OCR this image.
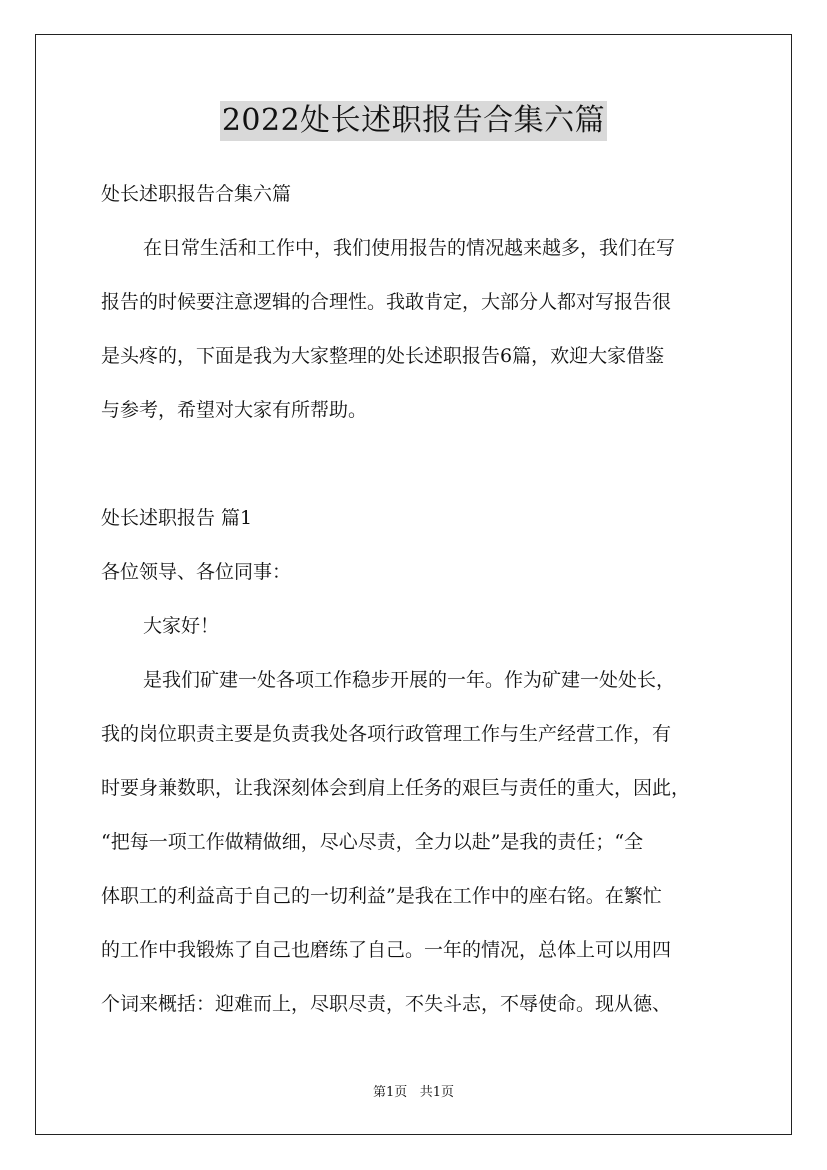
2022处长述职报告合集六篇
处长述职报告合集六篇
在日常生活和工作中，我们使用报告的情况越来越多，我们在写
报告的时候要注意逻辑的合理性。我敢肯定，大部分人都对写报告很
是头疼的，下面是我为大家整理的处长述职报告6篇，欢迎大家借鉴
与参考，希望对大家有所帮助。
处长述职报告 篇1
各位领导、各位同事：
大家好！
是我们矿建一处各项工作稳步开展的一年。作为矿建一处处长，
我的岗位职责主要是负责我处各项行政管理工作与生产经营工作，有
时要身兼数职，让我深刻体会到肩上任务的艰巨与责任的重大，因此，
“把每一项工作做精做细，尽心尽责，全力以赴”是我的责任；“全
体职工的利益高于自己的一切利益”是我在工作中的座右铭。在繁忙
的工作中我锻炼了自己也磨练了自己。一年的情况，总体上可以用四
个词来概括：迎难而上，尽职尽责，不失斗志，不辱使命。现从德、
第1页 共1页
